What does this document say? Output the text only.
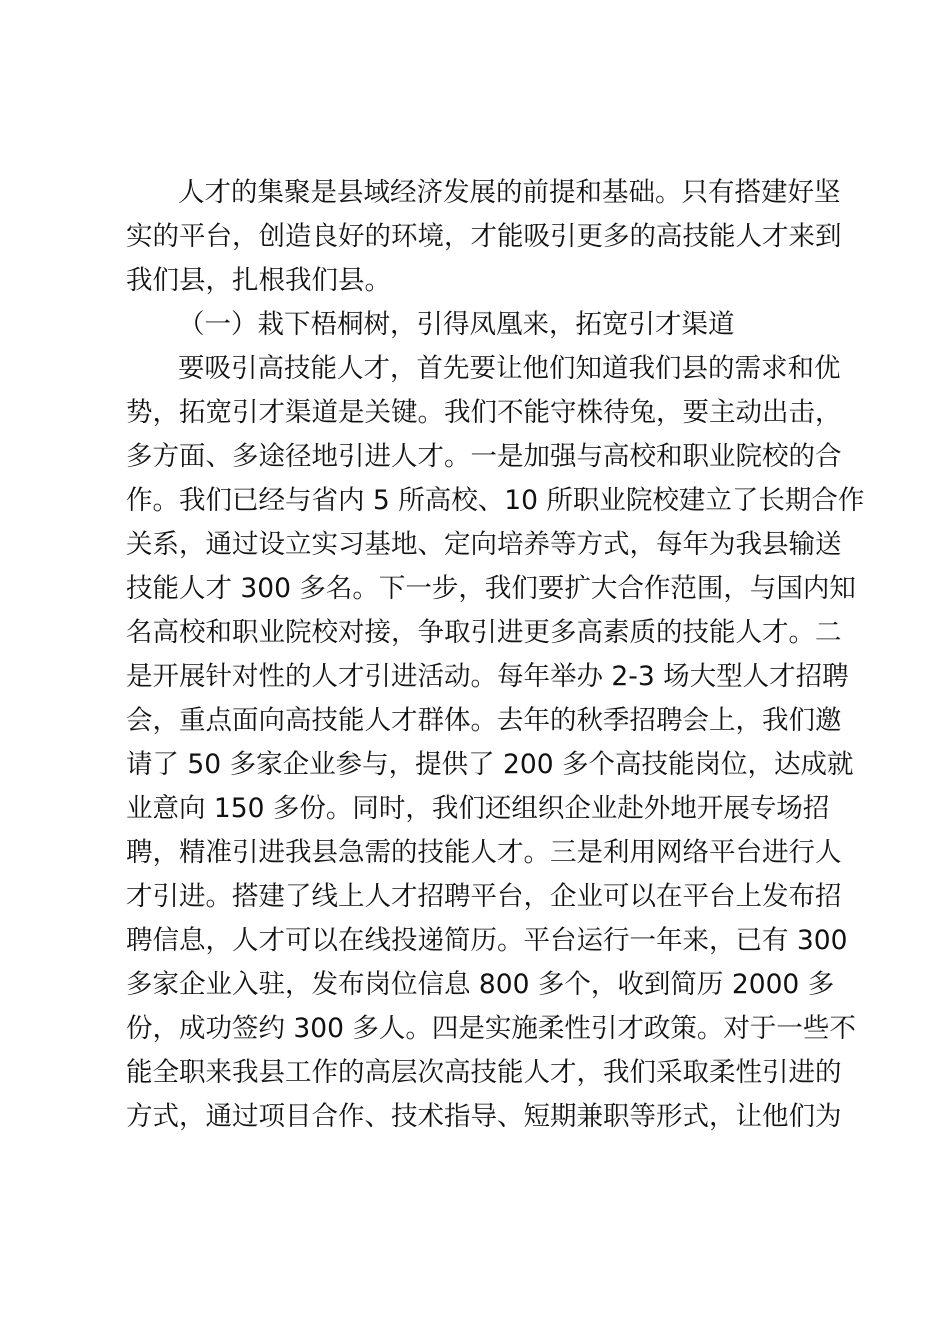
人才的集聚是县域经济发展的前提和基础。只有搭建好坚
实的平台，创造良好的环境，才能吸引更多的高技能人才来到
我们县，扎根我们县。
（一）栽下梧桐树，引得凤凰来，拓宽引才渠道
要吸引高技能人才，首先要让他们知道我们县的需求和优
势，拓宽引才渠道是关键。我们不能守株待兔，要主动出击，
多方面、多途径地引进人才。一是加强与高校和职业院校的合
作。我们已经与省内 5 所高校、10 所职业院校建立了长期合作
关系，通过设立实习基地、定向培养等方式，每年为我县输送
技能人才 300 多名。下一步，我们要扩大合作范围，与国内知
名高校和职业院校对接，争取引进更多高素质的技能人才。二
是开展针对性的人才引进活动。每年举办 2-3 场大型人才招聘
会，重点面向高技能人才群体。去年的秋季招聘会上，我们邀
请了 50 多家企业参与，提供了 200 多个高技能岗位，达成就
业意向 150 多份。同时，我们还组织企业赴外地开展专场招
聘，精准引进我县急需的技能人才。三是利用网络平台进行人
才引进。搭建了线上人才招聘平台，企业可以在平台上发布招
聘信息，人才可以在线投递简历。平台运行一年来，已有 300
多家企业入驻，发布岗位信息 800 多个，收到简历 2000 多
份，成功签约 300 多人。四是实施柔性引才政策。对于一些不
能全职来我县工作的高层次高技能人才，我们采取柔性引进的
方式，通过项目合作、技术指导、短期兼职等形式，让他们为
